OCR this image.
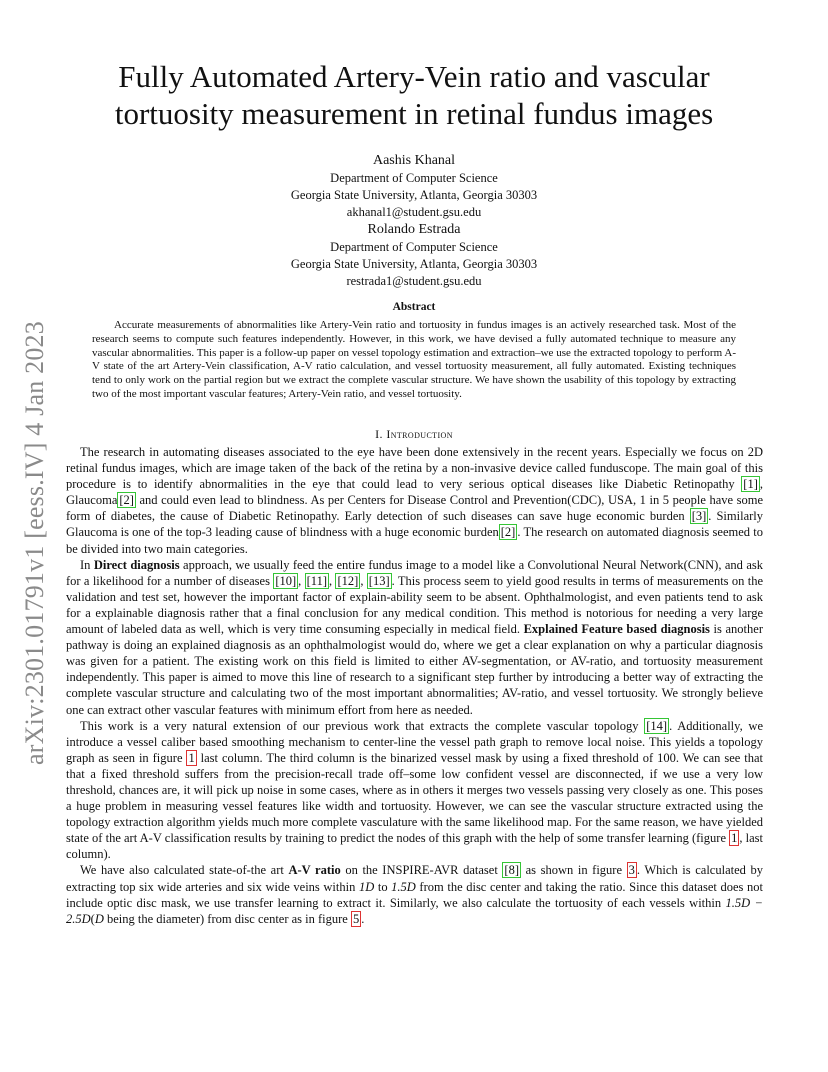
arXiv:2301.01791v1 [eess.IV] 4 Jan 2023
Fully Automated Artery-Vein ratio and vascular tortuosity measurement in retinal fundus images
Aashis Khanal
Department of Computer Science
Georgia State University, Atlanta, Georgia 30303
akhanal1@student.gsu.edu
Rolando Estrada
Department of Computer Science
Georgia State University, Atlanta, Georgia 30303
restrada1@student.gsu.edu
Abstract

Accurate measurements of abnormalities like Artery-Vein ratio and tortuosity in fundus images is an actively researched task. Most of the research seems to compute such features independently. However, in this work, we have devised a fully automated technique to measure any vascular abnormalities. This paper is a follow-up paper on vessel topology estimation and extraction–we use the extracted topology to perform A-V state of the art Artery-Vein classification, A-V ratio calculation, and vessel tortuosity measurement, all fully automated. Existing techniques tend to only work on the partial region but we extract the complete vascular structure. We have shown the usability of this topology by extracting two of the most important vascular features; Artery-Vein ratio, and vessel tortuosity.

I. Introduction

The research in automating diseases associated to the eye have been done extensively in the recent years. Especially we focus on 2D retinal fundus images, which are image taken of the back of the retina by a non-invasive device called funduscope. The main goal of this procedure is to identify abnormalities in the eye that could lead to very serious optical diseases like Diabetic Retinopathy [1] , Glaucoma [2] and could even lead to blindness. As per Centers for Disease Control and Prevention(CDC), USA, 1 in 5 people have some form of diabetes, the cause of Diabetic Retinopathy. Early detection of such diseases can save huge economic burden [3] . Similarly Glaucoma is one of the top-3 leading cause of blindness with a huge economic burden [2] . The research on automated diagnosis seemed to be divided into two main categories.

In Direct diagnosis approach, we usually feed the entire fundus image to a model like a Convolutional Neural Network(CNN), and ask for a likelihood for a number of diseases [10] , [11] , [12] , [13] . This process seem to yield good results in terms of measurements on the validation and test set, however the important factor of explain-ability seem to be absent. Ophthalmologist, and even patients tend to ask for a explainable diagnosis rather that a final conclusion for any medical condition. This method is notorious for needing a very large amount of labeled data as well, which is very time consuming especially in medical field. Explained Feature based diagnosis is another pathway is doing an explained diagnosis as an ophthalmologist would do, where we get a clear explanation on why a particular diagnosis was given for a patient. The existing work on this field is limited to either AV-segmentation, or AV-ratio, and tortuosity measurement independently. This paper is aimed to move this line of research to a significant step further by introducing a better way of extracting the complete vascular structure and calculating two of the most important abnormalities; AV-ratio, and vessel tortuosity. We strongly believe one can extract other vascular features with minimum effort from here as needed.

This work is a very natural extension of our previous work that extracts the complete vascular topology [14] . Additionally, we introduce a vessel caliber based smoothing mechanism to center-line the vessel path graph to remove local noise. This yields a topology graph as seen in figure 1 last column. The third column is the binarized vessel mask by using a fixed threshold of 100. We can see that that a fixed threshold suffers from the precision-recall trade off–some low confident vessel are disconnected, if we use a very low threshold, chances are, it will pick up noise in some cases, where as in others it merges two vessels passing very closely as one. This poses a huge problem in measuring vessel features like width and tortuosity. However, we can see the vascular structure extracted using the topology extraction algorithm yields much more complete vasculature with the same likelihood map. For the same reason, we have yielded state of the art A-V classification results by training to predict the nodes of this graph with the help of some transfer learning (figure 1 , last column).

We have also calculated state-of-the art A-V ratio on the INSPIRE-AVR dataset [8] as shown in figure 3 . Which is calculated by extracting top six wide arteries and six wide veins within 1D to 1.5D from the disc center and taking the ratio. Since this dataset does not include optic disc mask, we use transfer learning to extract it. Similarly, we also calculate the tortuosity of each vessels within 1.5D − 2.5D(D being the diameter) from disc center as in figure 5 .
